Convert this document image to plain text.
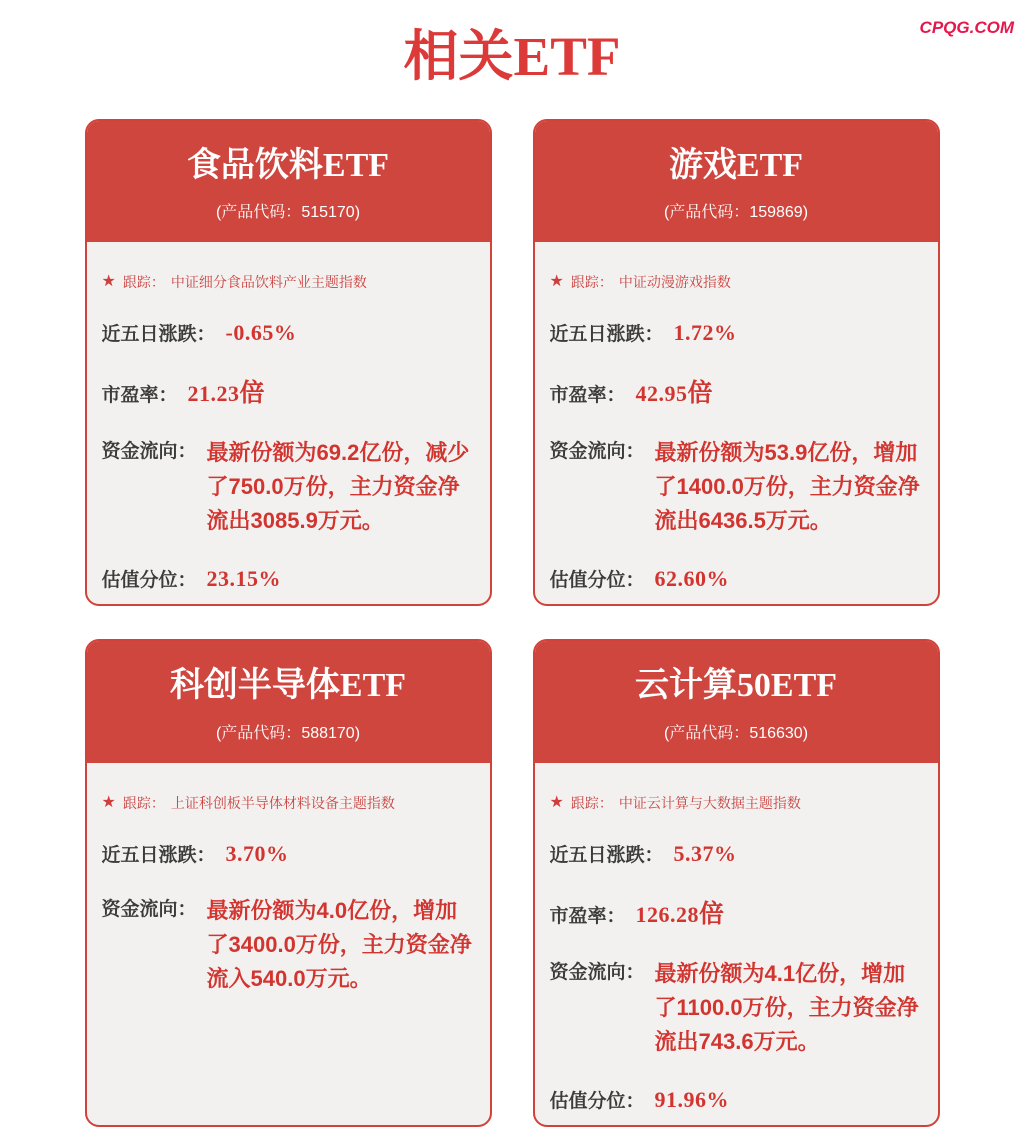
CPQG.COM
相关ETF
食品饮料ETF
(产品代码：515170)
★ 跟踪： 中证细分食品饮料产业主题指数
近五日涨跌： -0.65%
市盈率： 21.23 倍
资金流向： 最新份额为69.2亿份，减少了750.0万份，主力资金净流出3085.9万元。
估值分位： 23.15%
游戏ETF
(产品代码：159869)
★ 跟踪： 中证动漫游戏指数
近五日涨跌： 1.72%
市盈率： 42.95 倍
资金流向： 最新份额为53.9亿份，增加了1400.0万份，主力资金净流出6436.5万元。
估值分位： 62.60%
科创半导体ETF
(产品代码：588170)
★ 跟踪： 上证科创板半导体材料设备主题指数
近五日涨跌： 3.70%
资金流向： 最新份额为4.0亿份，增加了3400.0万份，主力资金净流入540.0万元。
云计算50ETF
(产品代码：516630)
★ 跟踪： 中证云计算与大数据主题指数
近五日涨跌： 5.37%
市盈率： 126.28 倍
资金流向： 最新份额为4.1亿份，增加了1100.0万份，主力资金净流出743.6万元。
估值分位： 91.96%
